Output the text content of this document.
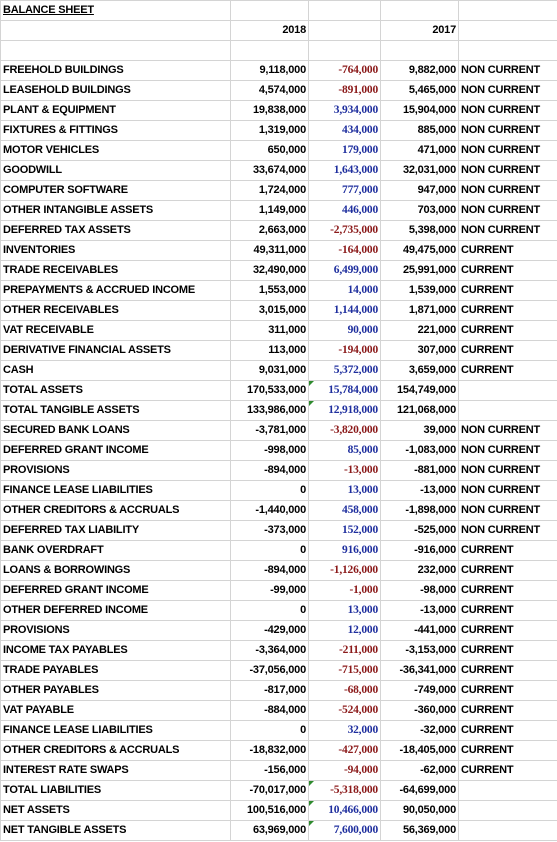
BALANCE SHEET				
	2018		2017	

FREEHOLD BUILDINGS	9,118,000	-764,000	9,882,000	NON CURRENT
LEASEHOLD BUILDINGS	4,574,000	-891,000	5,465,000	NON CURRENT
PLANT & EQUIPMENT	19,838,000	3,934,000	15,904,000	NON CURRENT
FIXTURES & FITTINGS	1,319,000	434,000	885,000	NON CURRENT
MOTOR VEHICLES	650,000	179,000	471,000	NON CURRENT
GOODWILL	33,674,000	1,643,000	32,031,000	NON CURRENT
COMPUTER SOFTWARE	1,724,000	777,000	947,000	NON CURRENT
OTHER INTANGIBLE ASSETS	1,149,000	446,000	703,000	NON CURRENT
DEFERRED TAX ASSETS	2,663,000	-2,735,000	5,398,000	NON CURRENT
INVENTORIES	49,311,000	-164,000	49,475,000	CURRENT
TRADE RECEIVABLES	32,490,000	6,499,000	25,991,000	CURRENT
PREPAYMENTS & ACCRUED INCOME	1,553,000	14,000	1,539,000	CURRENT
OTHER RECEIVABLES	3,015,000	1,144,000	1,871,000	CURRENT
VAT RECEIVABLE	311,000	90,000	221,000	CURRENT
DERIVATIVE FINANCIAL ASSETS	113,000	-194,000	307,000	CURRENT
CASH	9,031,000	5,372,000	3,659,000	CURRENT
TOTAL ASSETS	170,533,000	15,784,000	154,749,000	
TOTAL TANGIBLE ASSETS	133,986,000	12,918,000	121,068,000	
SECURED BANK LOANS	-3,781,000	-3,820,000	39,000	NON CURRENT
DEFERRED GRANT INCOME	-998,000	85,000	-1,083,000	NON CURRENT
PROVISIONS	-894,000	-13,000	-881,000	NON CURRENT
FINANCE LEASE LIABILITIES	0	13,000	-13,000	NON CURRENT
OTHER CREDITORS & ACCRUALS	-1,440,000	458,000	-1,898,000	NON CURRENT
DEFERRED TAX LIABILITY	-373,000	152,000	-525,000	NON CURRENT
BANK OVERDRAFT	0	916,000	-916,000	CURRENT
LOANS & BORROWINGS	-894,000	-1,126,000	232,000	CURRENT
DEFERRED GRANT INCOME	-99,000	-1,000	-98,000	CURRENT
OTHER DEFERRED INCOME	0	13,000	-13,000	CURRENT
PROVISIONS	-429,000	12,000	-441,000	CURRENT
INCOME TAX PAYABLES	-3,364,000	-211,000	-3,153,000	CURRENT
TRADE PAYABLES	-37,056,000	-715,000	-36,341,000	CURRENT
OTHER PAYABLES	-817,000	-68,000	-749,000	CURRENT
VAT PAYABLE	-884,000	-524,000	-360,000	CURRENT
FINANCE LEASE LIABILITIES	0	32,000	-32,000	CURRENT
OTHER CREDITORS & ACCRUALS	-18,832,000	-427,000	-18,405,000	CURRENT
INTEREST RATE SWAPS	-156,000	-94,000	-62,000	CURRENT
TOTAL LIABILITIES	-70,017,000	-5,318,000	-64,699,000	
NET ASSETS	100,516,000	10,466,000	90,050,000	
NET TANGIBLE ASSETS	63,969,000	7,600,000	56,369,000	
